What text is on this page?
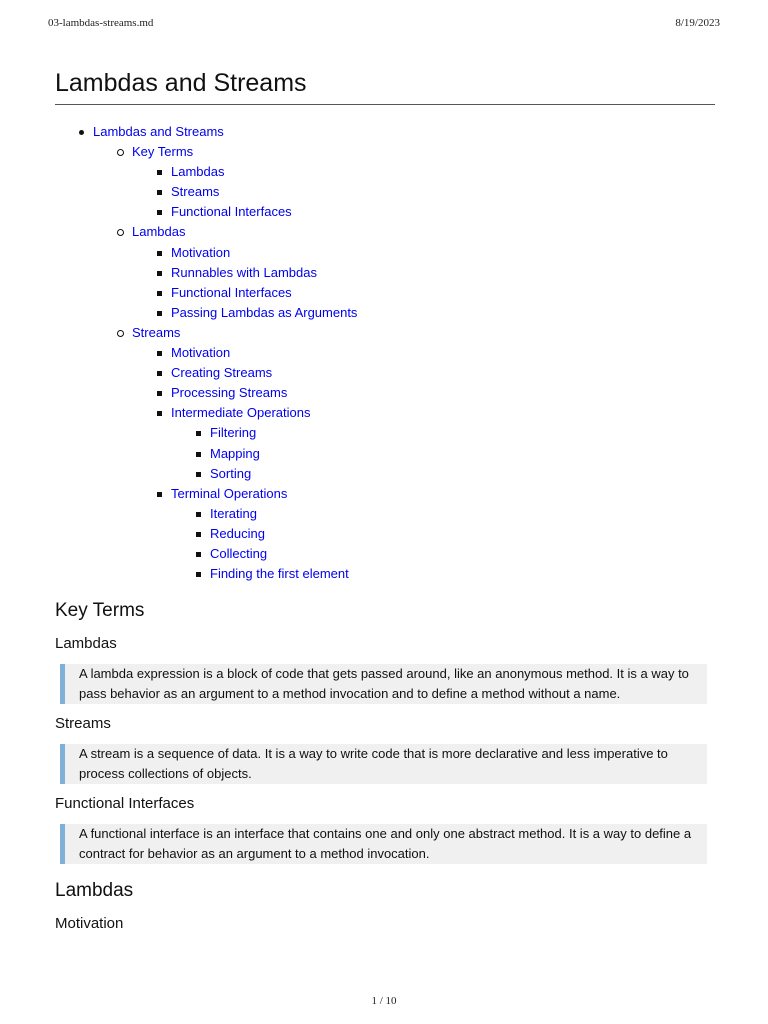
03-lambdas-streams.md	8/19/2023
Lambdas and Streams
Lambdas and Streams
Key Terms
Lambdas
Streams
Functional Interfaces
Lambdas
Motivation
Runnables with Lambdas
Functional Interfaces
Passing Lambdas as Arguments
Streams
Motivation
Creating Streams
Processing Streams
Intermediate Operations
Filtering
Mapping
Sorting
Terminal Operations
Iterating
Reducing
Collecting
Finding the first element
Key Terms
Lambdas

A lambda expression is a block of code that gets passed around, like an anonymous method. It is a way to pass behavior as an argument to a method invocation and to define a method without a name.

Streams

A stream is a sequence of data. It is a way to write code that is more declarative and less imperative to process collections of objects.

Functional Interfaces

A functional interface is an interface that contains one and only one abstract method. It is a way to define a contract for behavior as an argument to a method invocation.

Lambdas
Motivation
1 / 10
